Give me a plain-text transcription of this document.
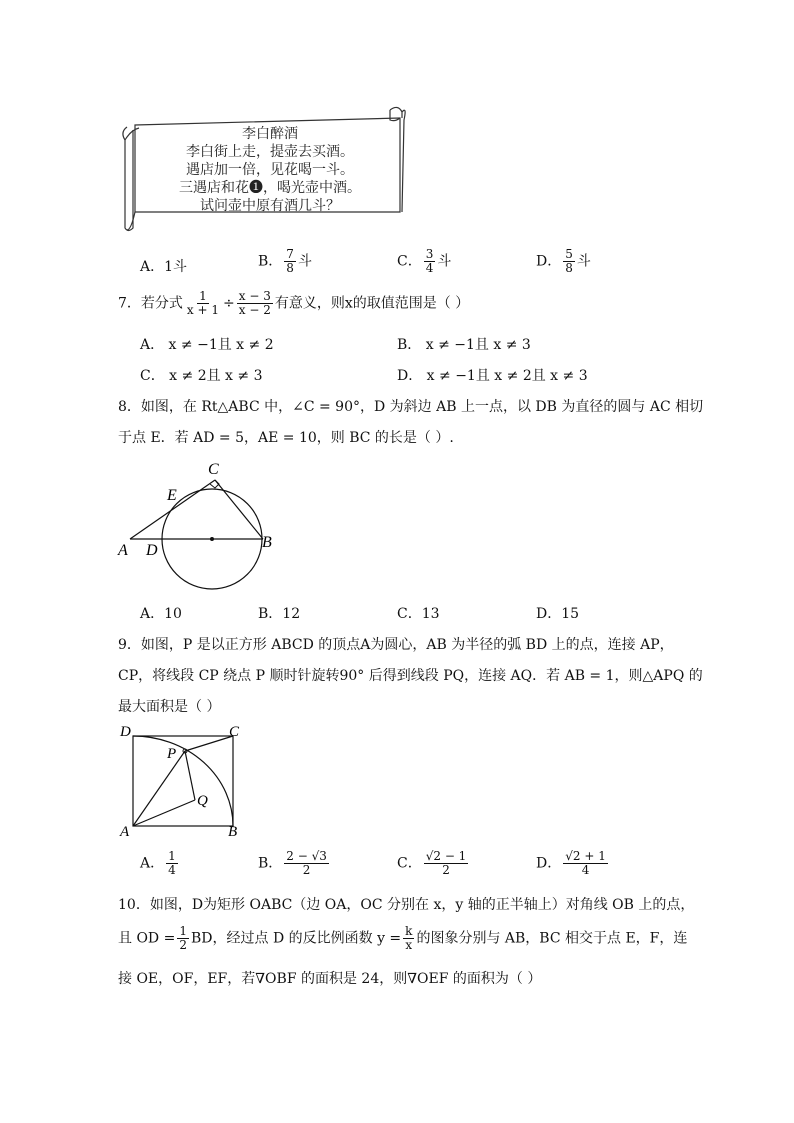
李白醉酒
李白街上走，提壶去买酒。
遇店加一倍，见花喝一斗。
三遇店和花❶，喝光壶中酒。
试问壶中原有酒几斗？
A．1斗	B． $\frac{7}{8}$ 斗	C． $\frac{3}{4}$ 斗	D． $\frac{5}{8}$ 斗
7．若分式 $\frac{1}{x + 1} \div \frac{x - 3}{x - 2}$ 有意义，则x的取值范围是（ ）
A． x ≠ −1且 x ≠ 2	B． x ≠ −1且 x ≠ 3
C． x ≠ 2且 x ≠ 3	D． x ≠ −1且 x ≠ 2且 x ≠ 3
8．如图，在 Rt△ABC 中，∠C = 90°，D 为斜边 AB 上一点，以 DB 为直径的圆与 AC 相切
于点 E．若 AD = 5，AE = 10，则 BC 的长是（ ）.
C
E
A D	B
A．10	B．12	C．13	D．15
9．如图，P 是以正方形 ABCD 的顶点A为圆心，AB 为半径的弧 BD 上的点，连接 AP，
CP，将线段 CP 绕点 P 顺时针旋转90° 后得到线段 PQ，连接 AQ．若 AB = 1，则△APQ 的
最大面积是（ ）
D	C
P
Q
A	B
A． $\frac{1}{4}$	B． $\frac{2 - √3}{2}$	C． $\frac{√2 - 1}{2}$	D． $\frac{√2 + 1}{4}$
10．如图，D为矩形 OABC（边 OA，OC 分别在 x，y 轴的正半轴上）对角线 OB 上的点，
且 OD = $\frac{1}{2}$ BD，经过点 D 的反比例函数 $y = \frac{k}{x}$ 的图象分别与 AB，BC 相交于点 E，F，连
接 OE，OF，EF，若∇OBF 的面积是 24，则∇OEF 的面积为（ ）
